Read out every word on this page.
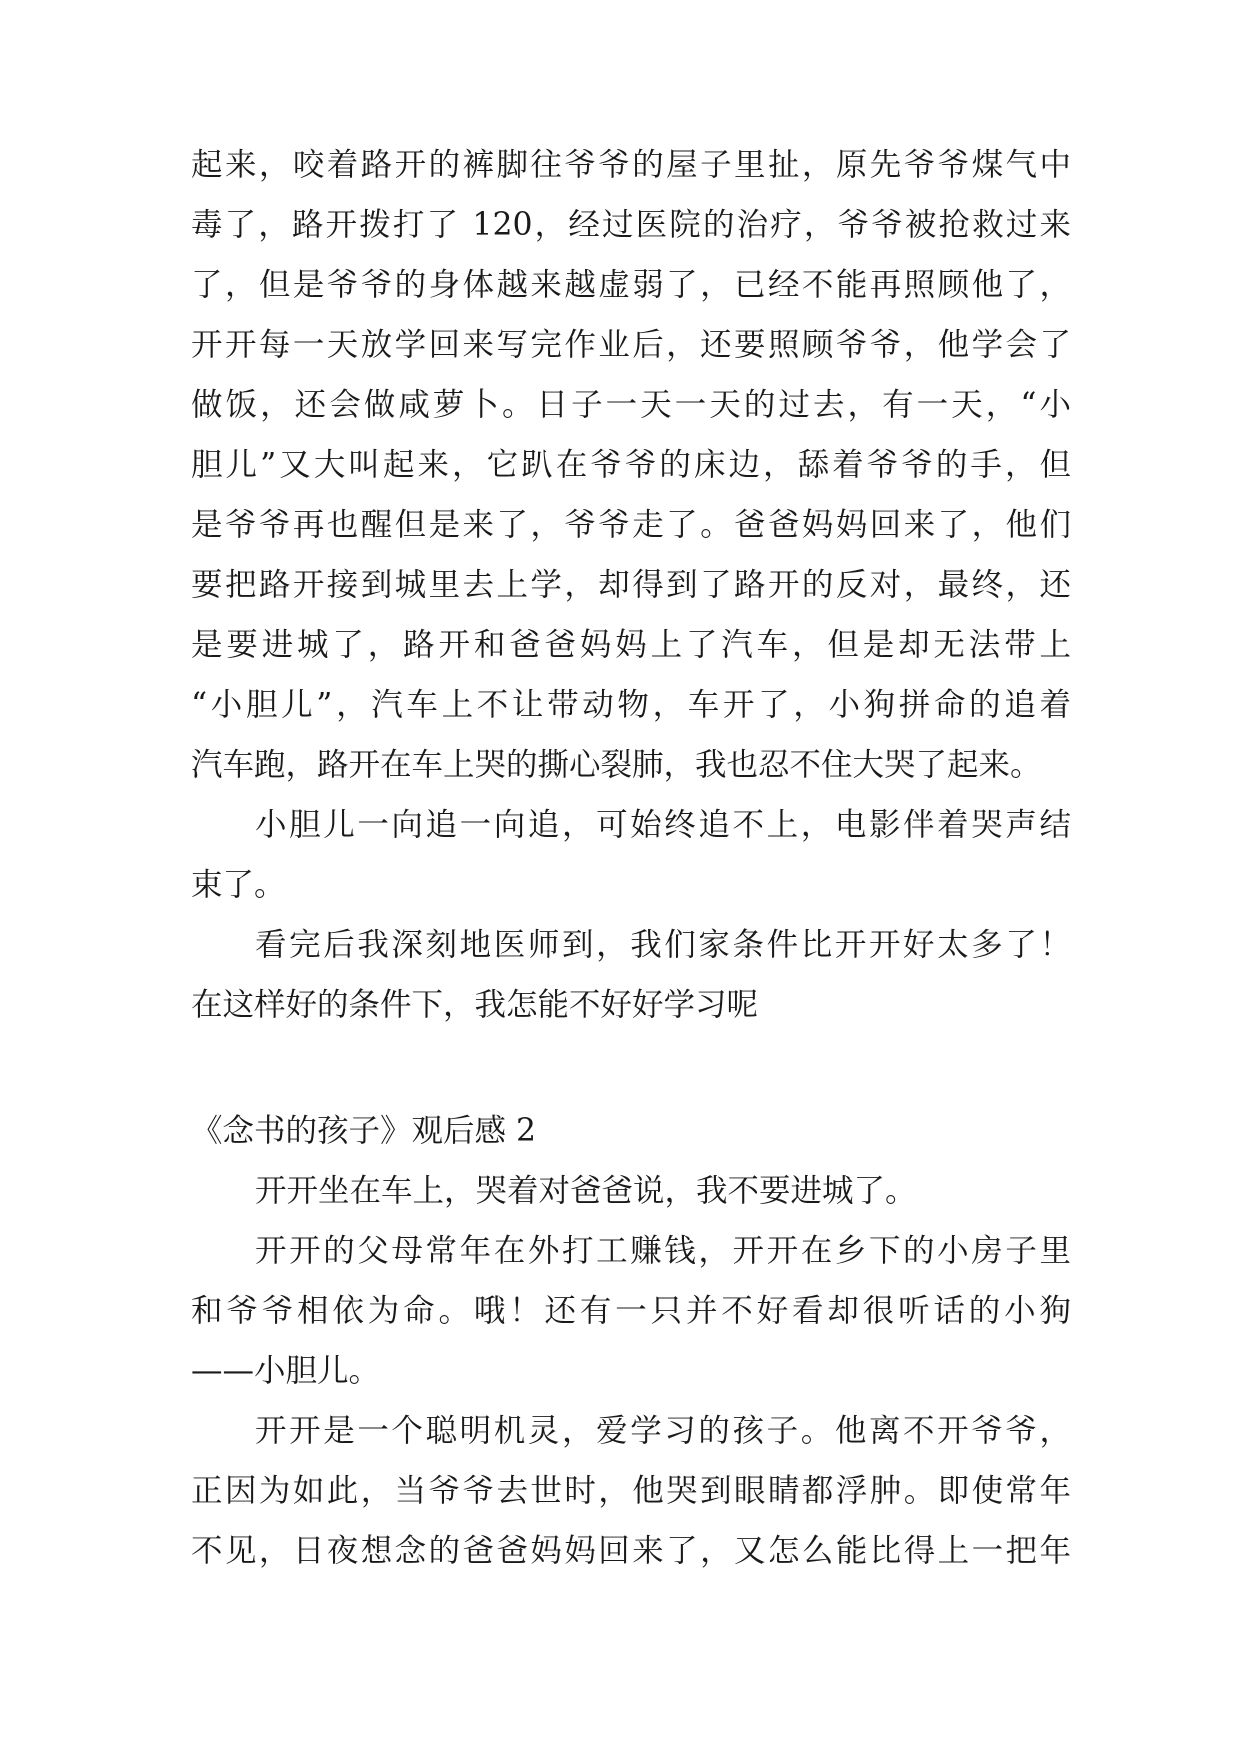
起来，咬着路开的裤脚往爷爷的屋子里扯，原先爷爷煤气中
毒了，路开拨打了 120，经过医院的治疗，爷爷被抢救过来
了，但是爷爷的身体越来越虚弱了，已经不能再照顾他了，
开开每一天放学回来写完作业后，还要照顾爷爷，他学会了
做饭，还会做咸萝卜。日子一天一天的过去，有一天，“小
胆儿”又大叫起来，它趴在爷爷的床边，舔着爷爷的手，但
是爷爷再也醒但是来了，爷爷走了。爸爸妈妈回来了，他们
要把路开接到城里去上学，却得到了路开的反对，最终，还
是要进城了，路开和爸爸妈妈上了汽车，但是却无法带上
“小胆儿”，汽车上不让带动物，车开了，小狗拼命的追着
汽车跑，路开在车上哭的撕心裂肺，我也忍不住大哭了起来。
小胆儿一向追一向追，可始终追不上，电影伴着哭声结
束了。
看完后我深刻地医师到，我们家条件比开开好太多了！
在这样好的条件下，我怎能不好好学习呢
《念书的孩子》观后感 2
开开坐在车上，哭着对爸爸说，我不要进城了。
开开的父母常年在外打工赚钱，开开在乡下的小房子里
和爷爷相依为命。哦！还有一只并不好看却很听话的小狗
——小胆儿。
开开是一个聪明机灵，爱学习的孩子。他离不开爷爷，
正因为如此，当爷爷去世时，他哭到眼睛都浮肿。即使常年
不见，日夜想念的爸爸妈妈回来了，又怎么能比得上一把年
